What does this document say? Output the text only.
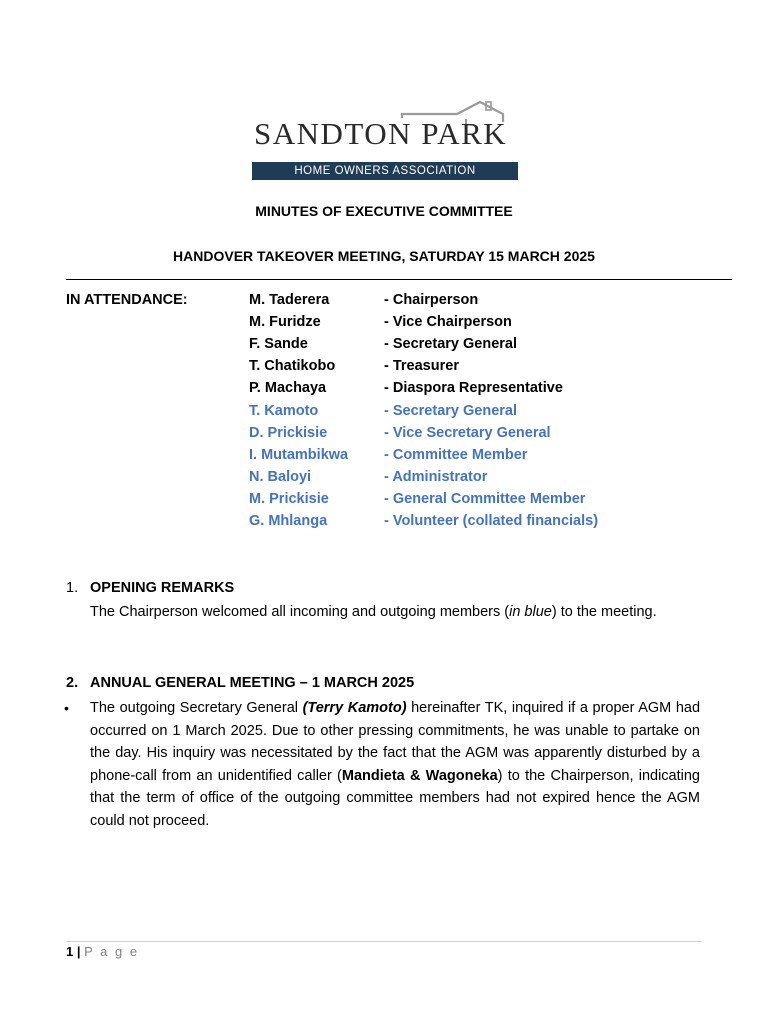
SANDTON PARK
HOME OWNERS ASSOCIATION
MINUTES OF EXECUTIVE COMMITTEE
HANDOVER TAKEOVER MEETING, SATURDAY 15 MARCH 2025
IN ATTENDANCE:	M. Taderera	- Chairperson
M. Furidze	- Vice Chairperson
F. Sande	- Secretary General
T. Chatikobo	- Treasurer
P. Machaya	- Diaspora Representative
T. Kamoto	- Secretary General
D. Prickisie	- Vice Secretary General
I. Mutambikwa - Committee Member
N. Baloyi	- Administrator
M. Prickisie	- General Committee Member
G. Mhlanga	- Volunteer (collated financials)
1. OPENING REMARKS
The Chairperson welcomed all incoming and outgoing members (in blue) to the meeting.
2. ANNUAL GENERAL MEETING – 1 MARCH 2025
• The outgoing Secretary General (Terry Kamoto) hereinafter TK, inquired if a proper AGM had occurred on 1 March 2025. Due to other pressing commitments, he was unable to partake on the day. His inquiry was necessitated by the fact that the AGM was apparently disturbed by a phone-call from an unidentified caller (Mandieta & Wagoneka) to the Chairperson, indicating that the term of office of the outgoing committee members had not expired hence the AGM could not proceed.
1 | P a g e
